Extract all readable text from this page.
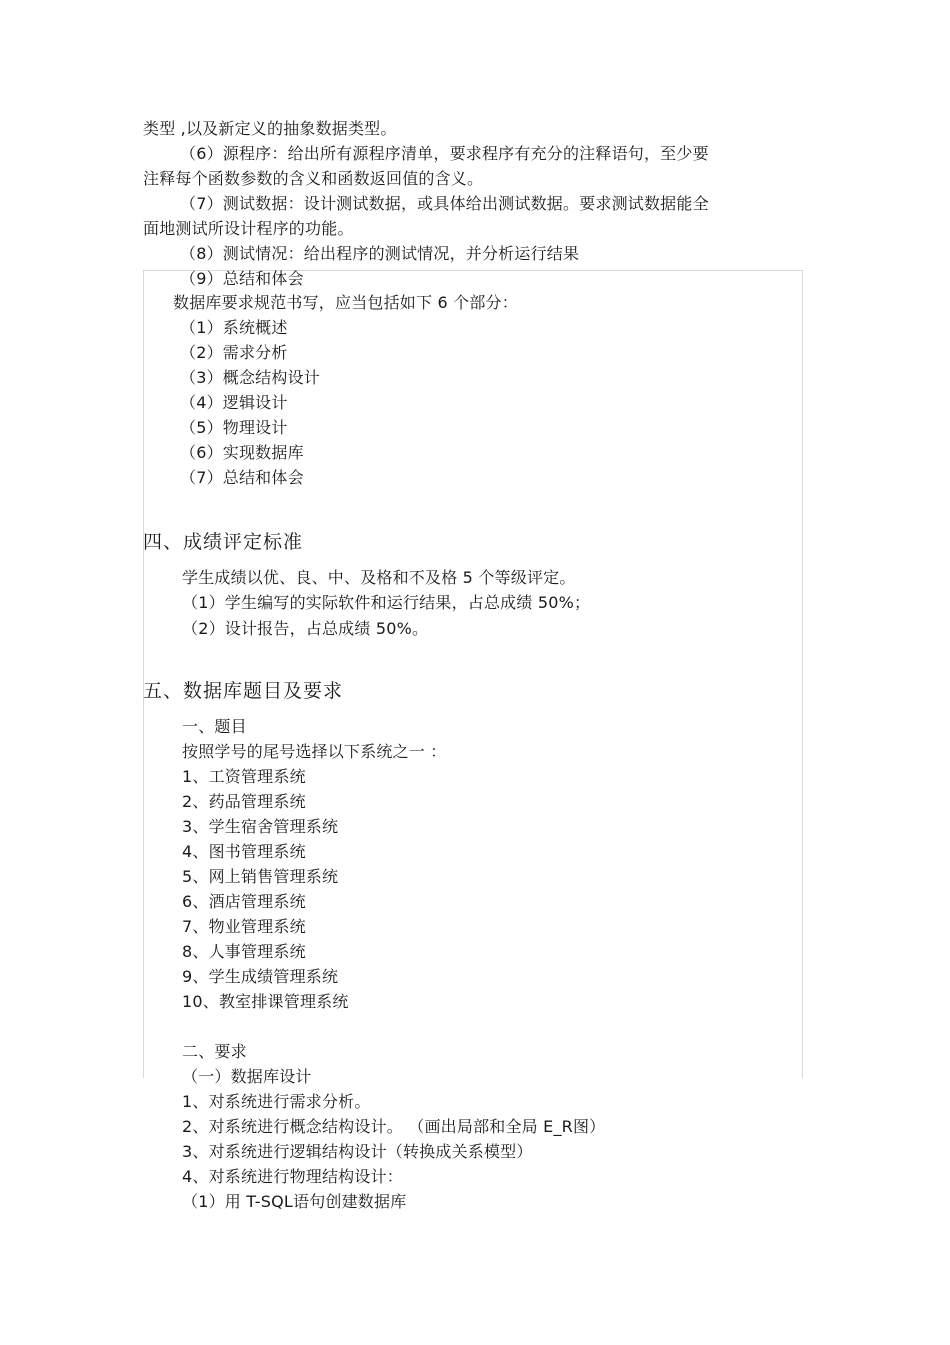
类型 ,以及新定义的抽象数据类型。
（6）源程序：给出所有源程序清单，要求程序有充分的注释语句，至少要
注释每个函数参数的含义和函数返回值的含义。
（7）测试数据：设计测试数据，或具体给出测试数据。要求测试数据能全
面地测试所设计程序的功能。
（8）测试情况：给出程序的测试情况，并分析运行结果
（9）总结和体会
数据库要求规范书写，应当包括如下 6 个部分：
（1）系统概述
（2）需求分析
（3）概念结构设计
（4）逻辑设计
（5）物理设计
（6）实现数据库
（7）总结和体会
四、成绩评定标准
学生成绩以优、良、中、及格和不及格 5 个等级评定。
（1）学生编写的实际软件和运行结果，占总成绩 50%；
（2）设计报告，占总成绩 50%。
五、数据库题目及要求
一、题目
按照学号的尾号选择以下系统之一 ：
1、工资管理系统
2、药品管理系统
3、学生宿舍管理系统
4、图书管理系统
5、网上销售管理系统
6、酒店管理系统
7、物业管理系统
8、人事管理系统
9、学生成绩管理系统
10、教室排课管理系统
二、要求
（一）数据库设计
1、对系统进行需求分析。
2、对系统进行概念结构设计。 （画出局部和全局 E_R图）
3、对系统进行逻辑结构设计（转换成关系模型）
4、对系统进行物理结构设计：
（1）用 T-SQL语句创建数据库
